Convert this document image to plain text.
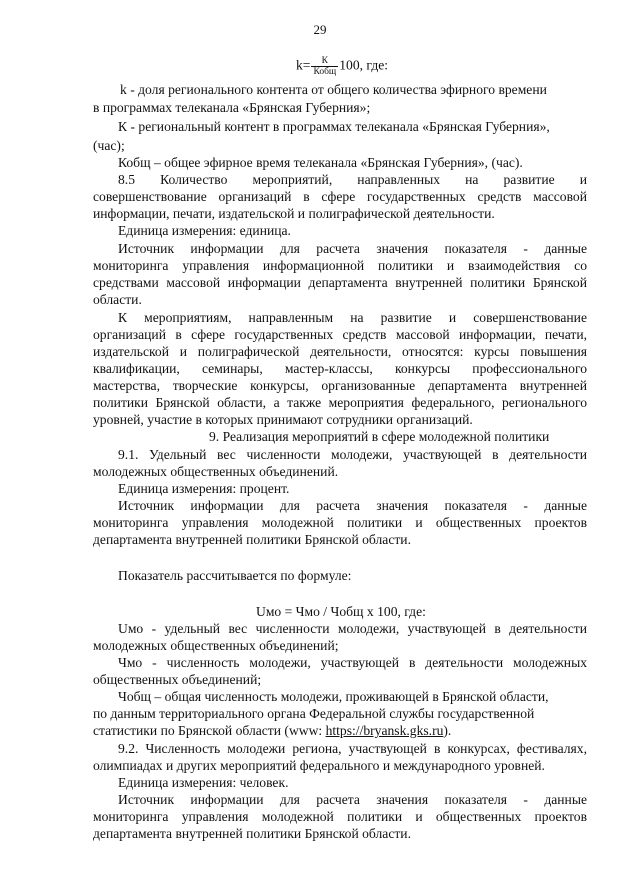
29
$k= \frac{К}{\text{Кобщ}} 100$, где:
k - доля регионального контента от общего количества эфирного времени
в программах телеканала «Брянская Губерния»;
К - региональный контент в программах телеканала «Брянская Губерния»,
(час);
Кобщ – общее эфирное время телеканала «Брянская Губерния», (час).
8.5 Количество мероприятий, направленных на развитие и
совершенствование организаций в сфере государственных средств массовой
информации, печати, издательской и полиграфической деятельности.
Единица измерения: единица.
Источник информации для расчета значения показателя - данные
мониторинга управления информационной политики и взаимодействия со
средствами массовой информации департамента внутренней политики Брянской
области.
К мероприятиям, направленным на развитие и совершенствование
организаций в сфере государственных средств массовой информации, печати,
издательской и полиграфической деятельности, относятся: курсы повышения
квалификации, семинары, мастер-классы, конкурсы профессионального
мастерства, творческие конкурсы, организованные департамента внутренней
политики Брянской области, а также мероприятия федерального, регионального
уровней, участие в которых принимают сотрудники организаций.
9. Реализация мероприятий в сфере молодежной политики
9.1. Удельный вес численности молодежи, участвующей в деятельности
молодежных общественных объединений.
Единица измерения: процент.
Источник информации для расчета значения показателя - данные
мониторинга управления молодежной политики и общественных проектов
департамента внутренней политики Брянской области.
Показатель рассчитывается по формуле:
Uмо = Чмо / Чобщ х 100, где:
Uмо - удельный вес численности молодежи, участвующей в деятельности
молодежных общественных объединений;
Чмо - численность молодежи, участвующей в деятельности молодежных
общественных объединений;
Чобщ – общая численность молодежи, проживающей в Брянской области,
по данным территориального органа Федеральной службы государственной
статистики по Брянской области (www: https://bryansk.gks.ru).
9.2. Численность молодежи региона, участвующей в конкурсах, фестивалях,
олимпиадах и других мероприятий федерального и международного уровней.
Единица измерения: человек.
Источник информации для расчета значения показателя - данные
мониторинга управления молодежной политики и общественных проектов
департамента внутренней политики Брянской области.
